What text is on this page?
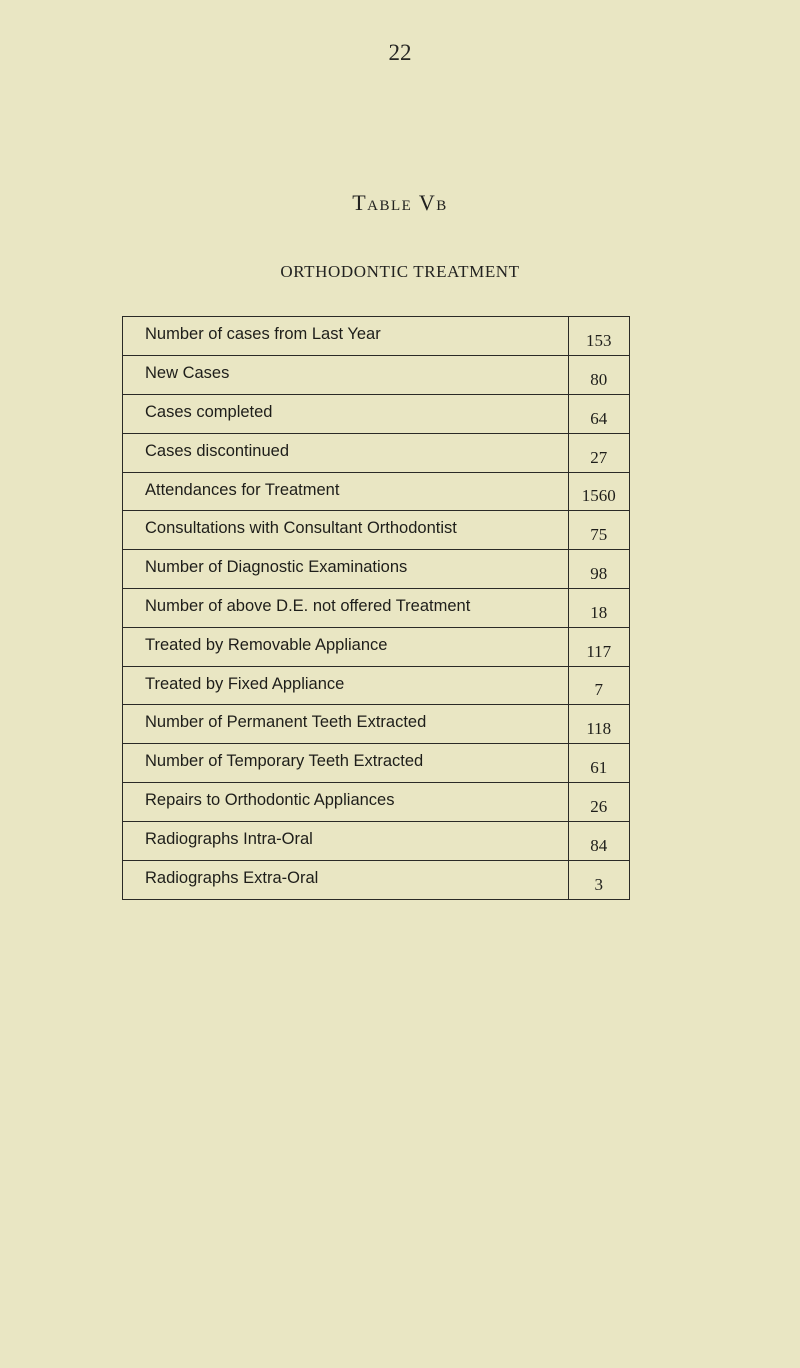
22
Table Vb
ORTHODONTIC TREATMENT
Number of cases from Last Year	153
New Cases	80
Cases completed	64
Cases discontinued	27
Attendances for Treatment	1560
Consultations with Consultant Orthodontist	75
Number of Diagnostic Examinations	98
Number of above D.E. not offered Treatment	18
Treated by Removable Appliance	117
Treated by Fixed Appliance	7
Number of Permanent Teeth Extracted	118
Number of Temporary Teeth Extracted	61
Repairs to Orthodontic Appliances	26
Radiographs Intra-Oral	84
Radiographs Extra-Oral	3
